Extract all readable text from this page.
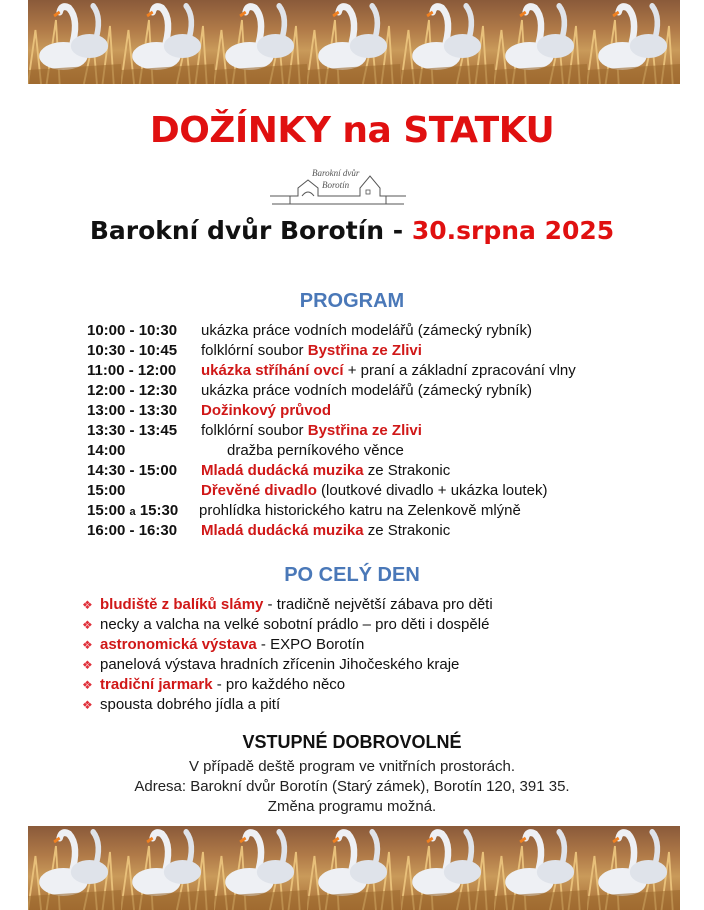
DOŽÍNKY na STATKU
Barokní dvůr
Borotín
Barokní dvůr Borotín - 30.srpna 2025
PROGRAM
10:00 - 10:30 ukázka práce vodních modelářů (zámecký rybník)
10:30 - 10:45 folklórní soubor Bystřina ze Zlivi
11:00 - 12:00 ukázka stříhání ovcí + praní a základní zpracování vlny
12:00 - 12:30 ukázka práce vodních modelářů (zámecký rybník)
13:00 - 13:30 Dožinkový průvod
13:30 - 13:45 folklórní soubor Bystřina ze Zlivi
14:00	dražba perníkového věnce
14:30 - 15:00 Mladá dudácká muzika ze Strakonic
15:00	Dřevěné divadlo (loutkové divadlo + ukázka loutek)
15:00 a 15:30 prohlídka historického katru na Zelenkově mlýně
16:00 - 16:30 Mladá dudácká muzika ze Strakonic
PO CELÝ DEN
❖ bludiště z balíků slámy - tradičně největší zábava pro děti
❖ necky a valcha na velké sobotní prádlo – pro děti i dospělé
❖ astronomická výstava - EXPO Borotín
❖ panelová výstava hradních zřícenin Jihočeského kraje
❖ tradiční jarmark - pro každého něco
❖ spousta dobrého jídla a pití
VSTUPNÉ DOBROVOLNÉ
V případě deště program ve vnitřních prostorách.
Adresa: Barokní dvůr Borotín (Starý zámek), Borotín 120, 391 35.
Změna programu možná.
